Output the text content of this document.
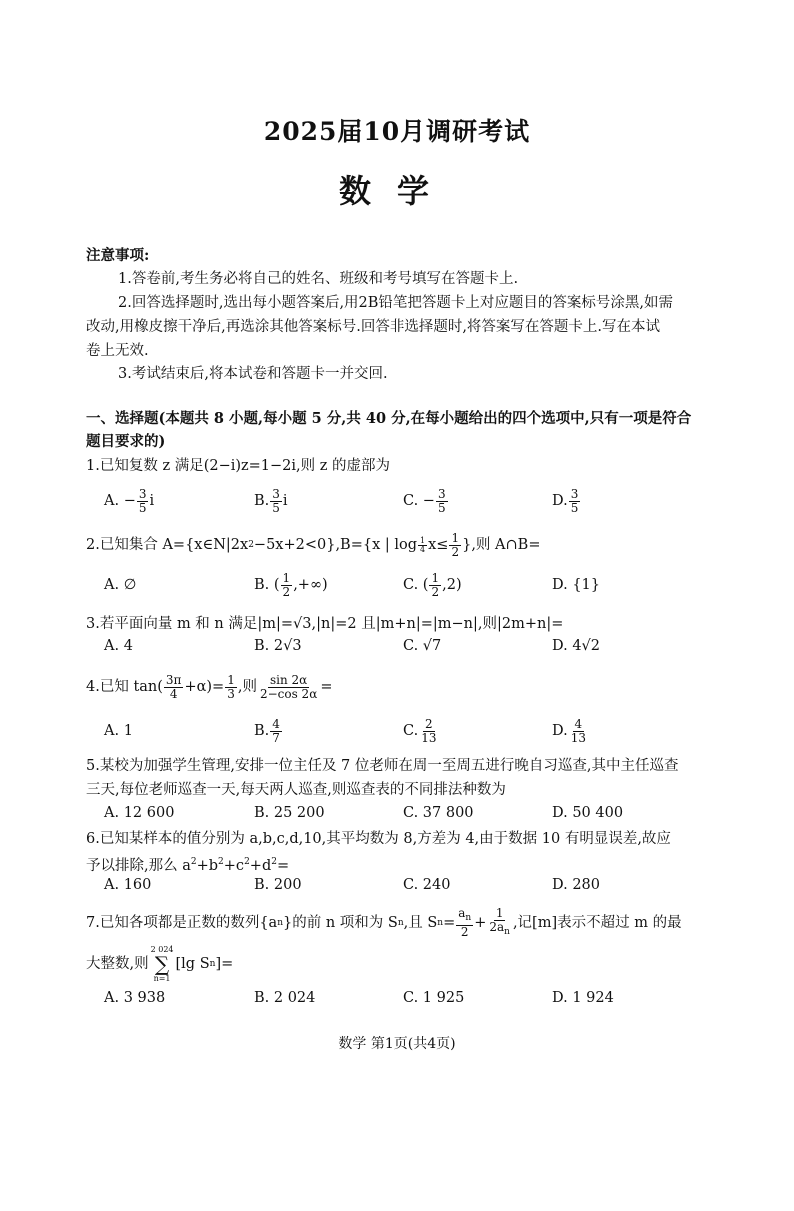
2025届10月调研考试
数学
注意事项:
1.答卷前,考生务必将自己的姓名、班级和考号填写在答题卡上.
2.回答选择题时,选出每小题答案后,用2B铅笔把答题卡上对应题目的答案标号涂黑,如需
改动,用橡皮擦干净后,再选涂其他答案标号.回答非选择题时,将答案写在答题卡上.写在本试
卷上无效.
3.考试结束后,将本试卷和答题卡一并交回.
一、选择题(本题共 8 小题,每小题 5 分,共 40 分,在每小题给出的四个选项中,只有一项是符合
题目要求的)
1.已知复数 z 满足(2−i)z=1−2i,则 z 的虚部为
A. − $\frac{3}{5}$ i	B. $\frac{3}{5}$ i	C. − $\frac{3}{5}$	D. $\frac{3}{5}$
2.已知集合 A={x∈N|2x 2 −5x+2<0},B={x | $\log \frac{1}{4} x\le \frac{1}{2}$ },则 A∩B=
A. ∅	B.
( $\frac{1}{2}$ ,+∞)	C.
( $\frac{1}{2} ,2$)	D. {1}
3.若平面向量 m 和 n 满足|m|=√3,|n|=2 且|m+n|=|m−n|,则|2m+n|=
A. 4	B. 2√3	C. √7	D. 4√2
4.已知 $\tan( \frac{3\pi}{4} +\alpha)= \frac{1}{3}$ ,则 $\frac{\sin 2\alpha}{2-\cos 2\alpha}$ =
A. 1	B. $\frac{4}{7}$	C. $\frac{2}{13}$	D. $\frac{4}{13}$
5.某校为加强学生管理,安排一位主任及 7 位老师在周一至周五进行晚自习巡查,其中主任巡查
三天,每位老师巡查一天,每天两人巡查,则巡查表的不同排法种数为
A. 12 600	B. 25 200	C. 37 800	D. 50 400
6.已知某样本的值分别为 a,b,c,d,10,其平均数为 8,方差为 4,由于数据 10 有明显误差,故应
予以排除,那么 $a^2+b^2+c^2+d^2=$
A. 160	B. 200	C. 240	D. 280
7.已知各项都是正数的数列{a n }的前 n 项和为 S n ,且 S $n = \frac{a_n}{2} + \frac{1}{2a_n}$ ,记[m]表示不超过 m 的最
大整数,则
2 024
∑
n=1
[lg S n ]=
A. 3 938	B. 2 024	C. 1 925	D. 1 924
数学 第1页(共4页)
